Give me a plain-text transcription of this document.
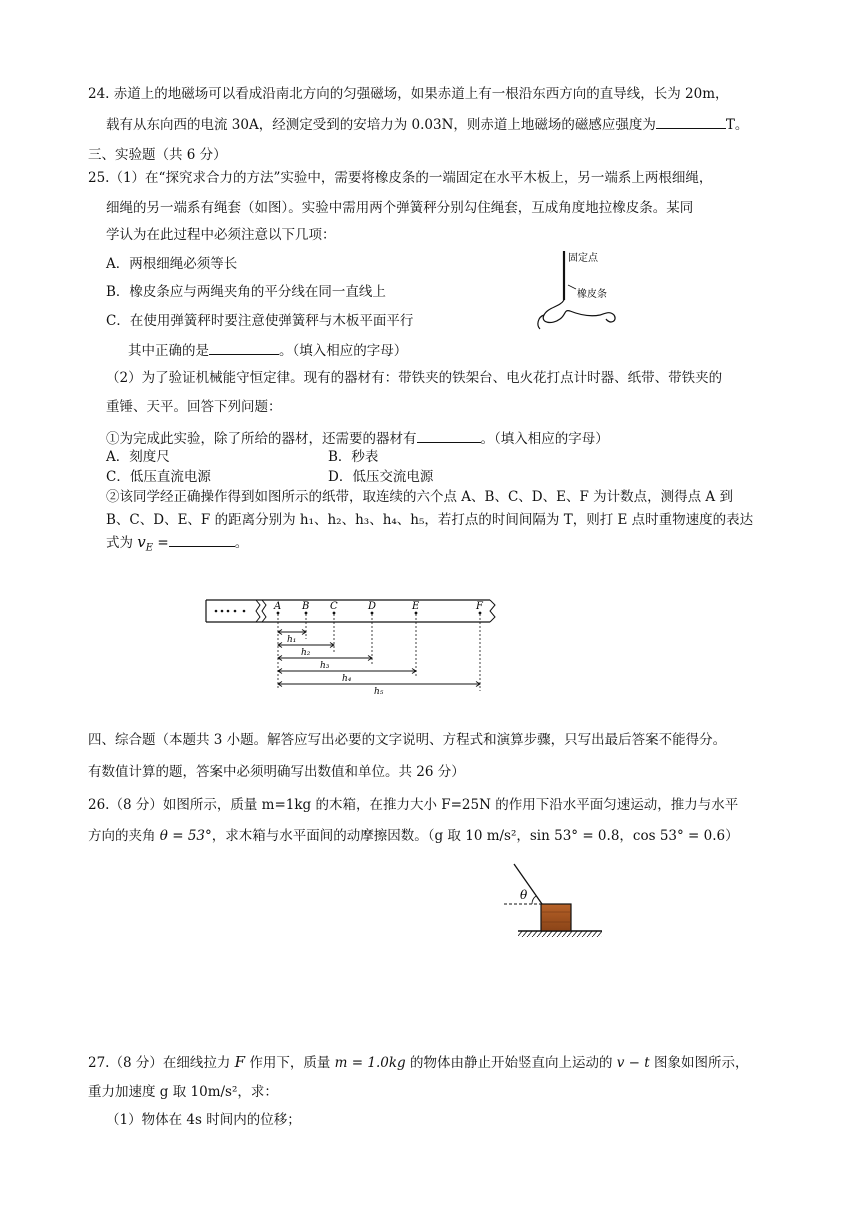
24. 赤道上的地磁场可以看成沿南北方向的匀强磁场，如果赤道上有一根沿东西方向的直导线，长为 20m，
载有从东向西的电流 30A，经测定受到的安培力为 0.03N，则赤道上地磁场的磁感应强度为	T。
三、实验题（共 6 分）
25.（1）在“探究求合力的方法”实验中，需要将橡皮条的一端固定在水平木板上，另一端系上两根细绳，
细绳的另一端系有绳套（如图）。实验中需用两个弹簧秤分别勾住绳套，互成角度地拉橡皮条。某同
学认为在此过程中必须注意以下几项：
A．两根细绳必须等长
B．橡皮条应与两绳夹角的平分线在同一直线上
C．在使用弹簧秤时要注意使弹簧秤与木板平面平行
其中正确的是	。（填入相应的字母）
固定点
橡皮条
（2）为了验证机械能守恒定律。现有的器材有：带铁夹的铁架台、电火花打点计时器、纸带、带铁夹的
重锤、天平。回答下列问题：
①为完成此实验，除了所给的器材，还需要的器材有	。（填入相应的字母）
A．刻度尺	B．秒表
C．低压直流电源	D．低压交流电源
②该同学经正确操作得到如图所示的纸带，取连续的六个点 A、B、C、D、E、F 为计数点，测得点 A 到
B、C、D、E、F 的距离分别为 h₁、h₂、h₃、h₄、h₅，若打点的时间间隔为 T，则打 E 点时重物速度的表达
式为 $v_E$ =	。
A B C	D	E	F
h₁
h₂
h₃
h₄
h₅
四、综合题（本题共 3 小题。解答应写出必要的文字说明、方程式和演算步骤，只写出最后答案不能得分。
有数值计算的题，答案中必须明确写出数值和单位。共 26 分）
26.（8 分）如图所示，质量 m=1kg 的木箱，在推力大小 F=25N 的作用下沿水平面匀速运动，推力与水平
方向的夹角 θ = 53°，求木箱与水平面间的动摩擦因数。（g 取 10 m/s²，sin 53° = 0.8，cos 53° = 0.6）
θ
27.（8 分）在细线拉力 F 作用下，质量 m = 1.0kg 的物体由静止开始竖直向上运动的 v − t 图象如图所示，
重力加速度 g 取 10m/s²，求：
（1）物体在 4s 时间内的位移；
